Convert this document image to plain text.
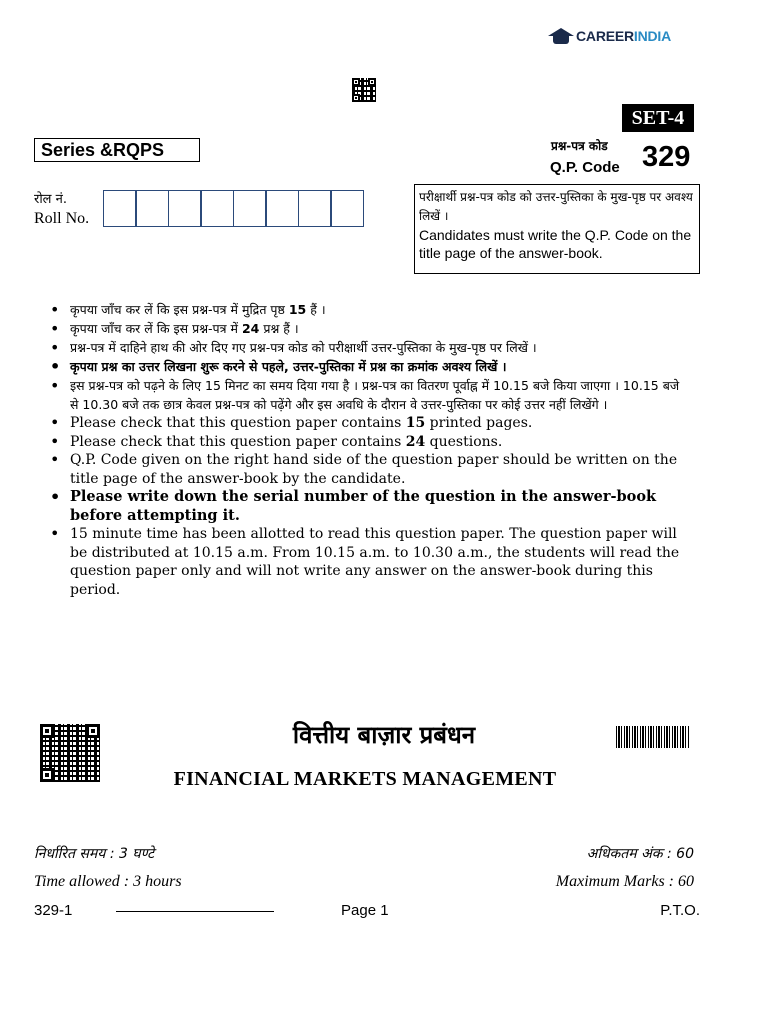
CAREERINDIA
SET-4
Series &RQPS	प्रश्न-पत्र कोड
Q.P. Code 329
रोल नं.
Roll No.
परीक्षार्थी प्रश्न-पत्र कोड को उत्तर-पुस्तिका के मुख-पृष्ठ पर अवश्य लिखें ।
Candidates must write the Q.P. Code on the title page of the answer-book.
• कृपया जाँच कर लें कि इस प्रश्न-पत्र में मुद्रित पृष्ठ 15 हैं ।
• कृपया जाँच कर लें कि इस प्रश्न-पत्र में 24 प्रश्न हैं ।
• प्रश्न-पत्र में दाहिने हाथ की ओर दिए गए प्रश्न-पत्र कोड को परीक्षार्थी उत्तर-पुस्तिका के मुख-पृष्ठ पर लिखें ।
• कृपया प्रश्न का उत्तर लिखना शुरू करने से पहले, उत्तर-पुस्तिका में प्रश्न का क्रमांक अवश्य लिखें ।
• इस प्रश्न-पत्र को पढ़ने के लिए 15 मिनट का समय दिया गया है । प्रश्न-पत्र का वितरण पूर्वाह्न में 10.15 बजे किया जाएगा । 10.15 बजे से 10.30 बजे तक छात्र केवल प्रश्न-पत्र को पढ़ेंगे और इस अवधि के दौरान वे उत्तर-पुस्तिका पर कोई उत्तर नहीं लिखेंगे ।
• Please check that this question paper contains 15 printed pages.
• Please check that this question paper contains 24 questions.
• Q.P. Code given on the right hand side of the question paper should be written on the title page of the answer-book by the candidate.
• Please write down the serial number of the question in the answer-book before attempting it.
• 15 minute time has been allotted to read this question paper. The question paper will be distributed at 10.15 a.m. From 10.15 a.m. to 10.30 a.m., the students will read the question paper only and will not write any answer on the answer-book during this period.
वित्तीय बाज़ार प्रबंधन
FINANCIAL MARKETS MANAGEMENT
निर्धारित समय : 3 घण्टे
Time allowed : 3 hours
अधिकतम अंक : 60
Maximum Marks : 60
329-1	Page 1	P.T.O.
